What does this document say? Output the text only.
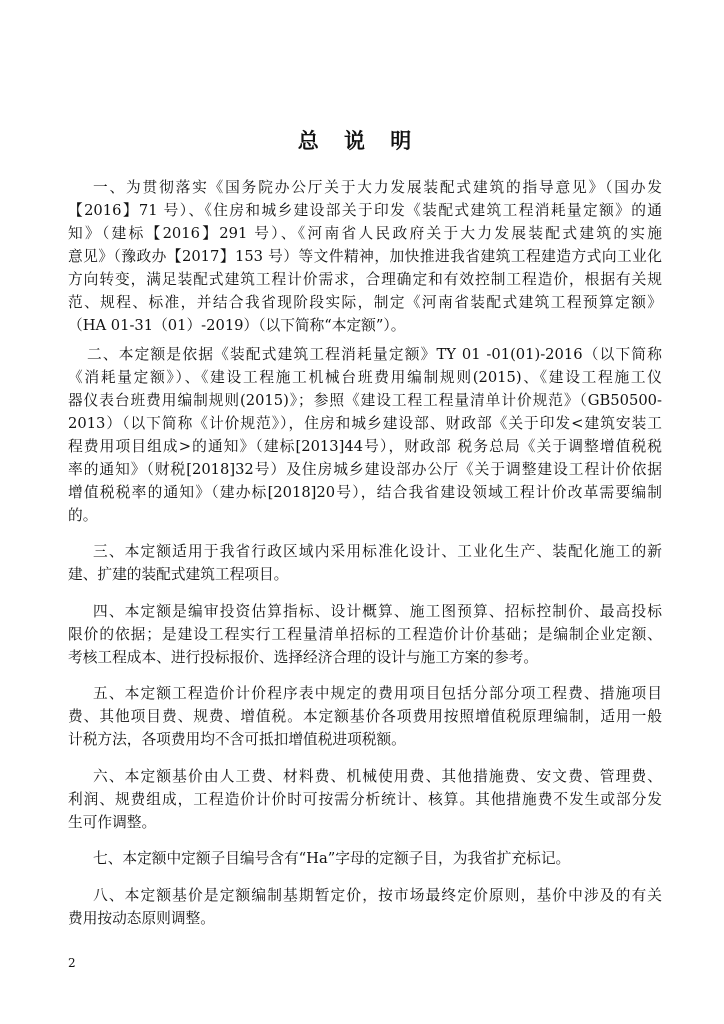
总 说 明
一、为贯彻落实《国务院办公厅关于大力发展装配式建筑的指导意见》（国办发
【2016】71 号）、《住房和城乡建设部关于印发《装配式建筑工程消耗量定额》的通
知》（建标【2016】291 号）、《河南省人民政府关于大力发展装配式建筑的实施
意见》（豫政办【2017】153 号）等文件精神，加快推进我省建筑工程建造方式向工业化
方向转变，满足装配式建筑工程计价需求，合理确定和有效控制工程造价，根据有关规
范、规程、标准，并结合我省现阶段实际，制定《河南省装配式建筑工程预算定额》
（HA 01-31（01）-2019）（以下简称“本定额”）。
二、本定额是依据《装配式建筑工程消耗量定额》TY 01 -01(01)-2016（以下简称
《消耗量定额》）、《建设工程施工机械台班费用编制规则(2015)、《建设工程施工仪
器仪表台班费用编制规则(2015)》；参照《建设工程工程量清单计价规范》（GB50500-
2013）（以下简称《计价规范》），住房和城乡建设部、财政部《关于印发<建筑安装工
程费用项目组成>的通知》（建标[2013]44号），财政部 税务总局《关于调整增值税税
率的通知》（财税[2018]32号）及住房城乡建设部办公厅《关于调整建设工程计价依据
增值税税率的通知》（建办标[2018]20号），结合我省建设领域工程计价改革需要编制
的。
三、本定额适用于我省行政区域内采用标准化设计、工业化生产、装配化施工的新
建、扩建的装配式建筑工程项目。
四、本定额是编审投资估算指标、设计概算、施工图预算、招标控制价、最高投标
限价的依据；是建设工程实行工程量清单招标的工程造价计价基础；是编制企业定额、
考核工程成本、进行投标报价、选择经济合理的设计与施工方案的参考。
五、本定额工程造价计价程序表中规定的费用项目包括分部分项工程费、措施项目
费、其他项目费、规费、增值税。本定额基价各项费用按照增值税原理编制，适用一般
计税方法，各项费用均不含可抵扣增值税进项税额。
六、本定额基价由人工费、材料费、机械使用费、其他措施费、安文费、管理费、
利润、规费组成，工程造价计价时可按需分析统计、核算。其他措施费不发生或部分发
生可作调整。
七、本定额中定额子目编号含有“Ha”字母的定额子目，为我省扩充标记。
八、本定额基价是定额编制基期暂定价，按市场最终定价原则，基价中涉及的有关
费用按动态原则调整。
2
